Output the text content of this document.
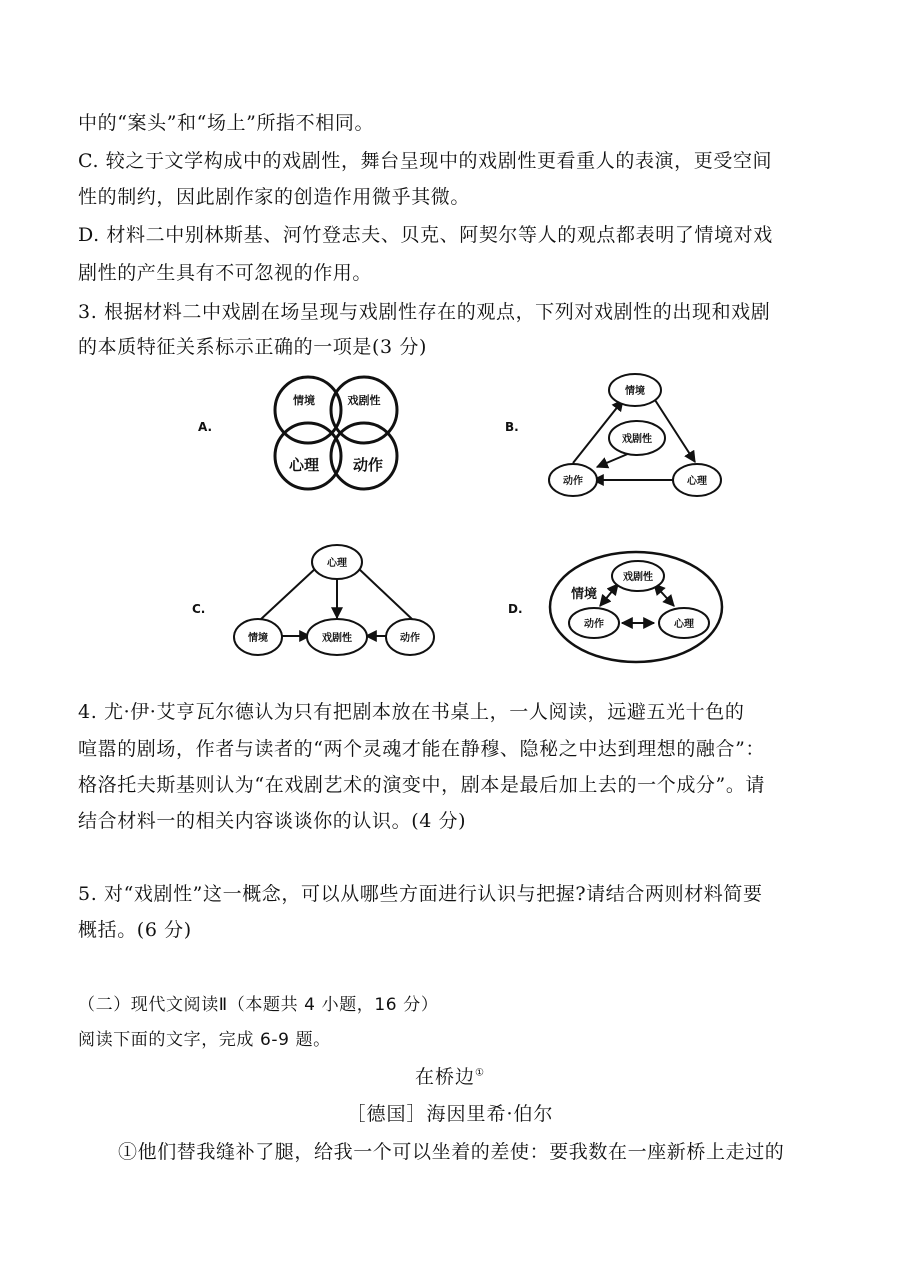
中的“案头”和“场上”所指不相同。
C. 较之于文学构成中的戏剧性，舞台呈现中的戏剧性更看重人的表演，更受空间
性的制约，因此剧作家的创造作用微乎其微。
D. 材料二中别林斯基、河竹登志夫、贝克、阿契尔等人的观点都表明了情境对戏
剧性的产生具有不可忽视的作用。
3. 根据材料二中戏剧在场呈现与戏剧性存在的观点，下列对戏剧性的出现和戏剧
的本质特征关系标示正确的一项是(3 分)
A.
情境	戏剧性
心理 动作
B.
情境
戏剧性
动作	心理
C.
心理
情境	戏剧性	动作
D.
情境
戏剧性
动作	心理
4. 尤·伊·艾亨瓦尔德认为只有把剧本放在书桌上，一人阅读，远避五光十色的
喧嚣的剧场，作者与读者的“两个灵魂才能在静穆、隐秘之中达到理想的融合”：
格洛托夫斯基则认为“在戏剧艺术的演变中，剧本是最后加上去的一个成分”。请
结合材料一的相关内容谈谈你的认识。(4 分)
5. 对“戏剧性”这一概念，可以从哪些方面进行认识与把握?请结合两则材料简要
概括。(6 分)
（二）现代文阅读Ⅱ（本题共 4 小题，16 分）
阅读下面的文字，完成 6-9 题。
在桥边①
［德国］海因里希·伯尔
①他们替我缝补了腿，给我一个可以坐着的差使：要我数在一座新桥上走过的
